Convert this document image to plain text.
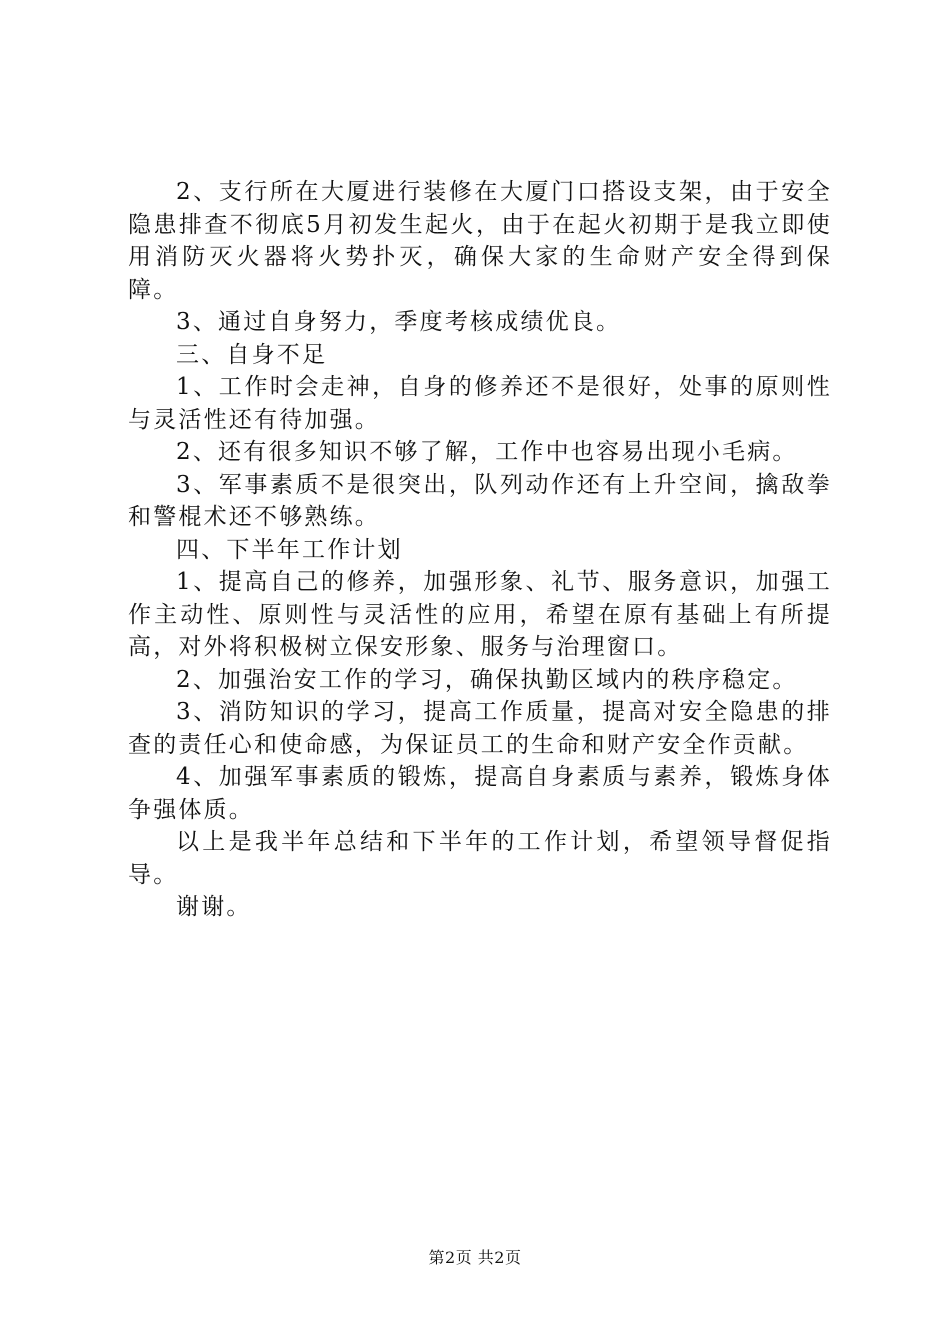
2、支行所在大厦进行装修在大厦门口搭设支架，由于安全隐患排查不彻底5月初发生起火，由于在起火初期于是我立即使用消防灭火器将火势扑灭，确保大家的生命财产安全得到保障。

3、通过自身努力，季度考核成绩优良。

三、自身不足

1、工作时会走神，自身的修养还不是很好，处事的原则性与灵活性还有待加强。

2、还有很多知识不够了解，工作中也容易出现小毛病。

3、军事素质不是很突出，队列动作还有上升空间，擒敌拳和警棍术还不够熟练。

四、下半年工作计划

1、提高自己的修养，加强形象、礼节、服务意识，加强工作主动性、原则性与灵活性的应用，希望在原有基础上有所提高，对外将积极树立保安形象、服务与治理窗口。

2、加强治安工作的学习，确保执勤区域内的秩序稳定。

3、消防知识的学习，提高工作质量，提高对安全隐患的排查的责任心和使命感，为保证员工的生命和财产安全作贡献。

4、加强军事素质的锻炼，提高自身素质与素养，锻炼身体争强体质。

以上是我半年总结和下半年的工作计划，希望领导督促指导。

谢谢。

第2页 共2页
